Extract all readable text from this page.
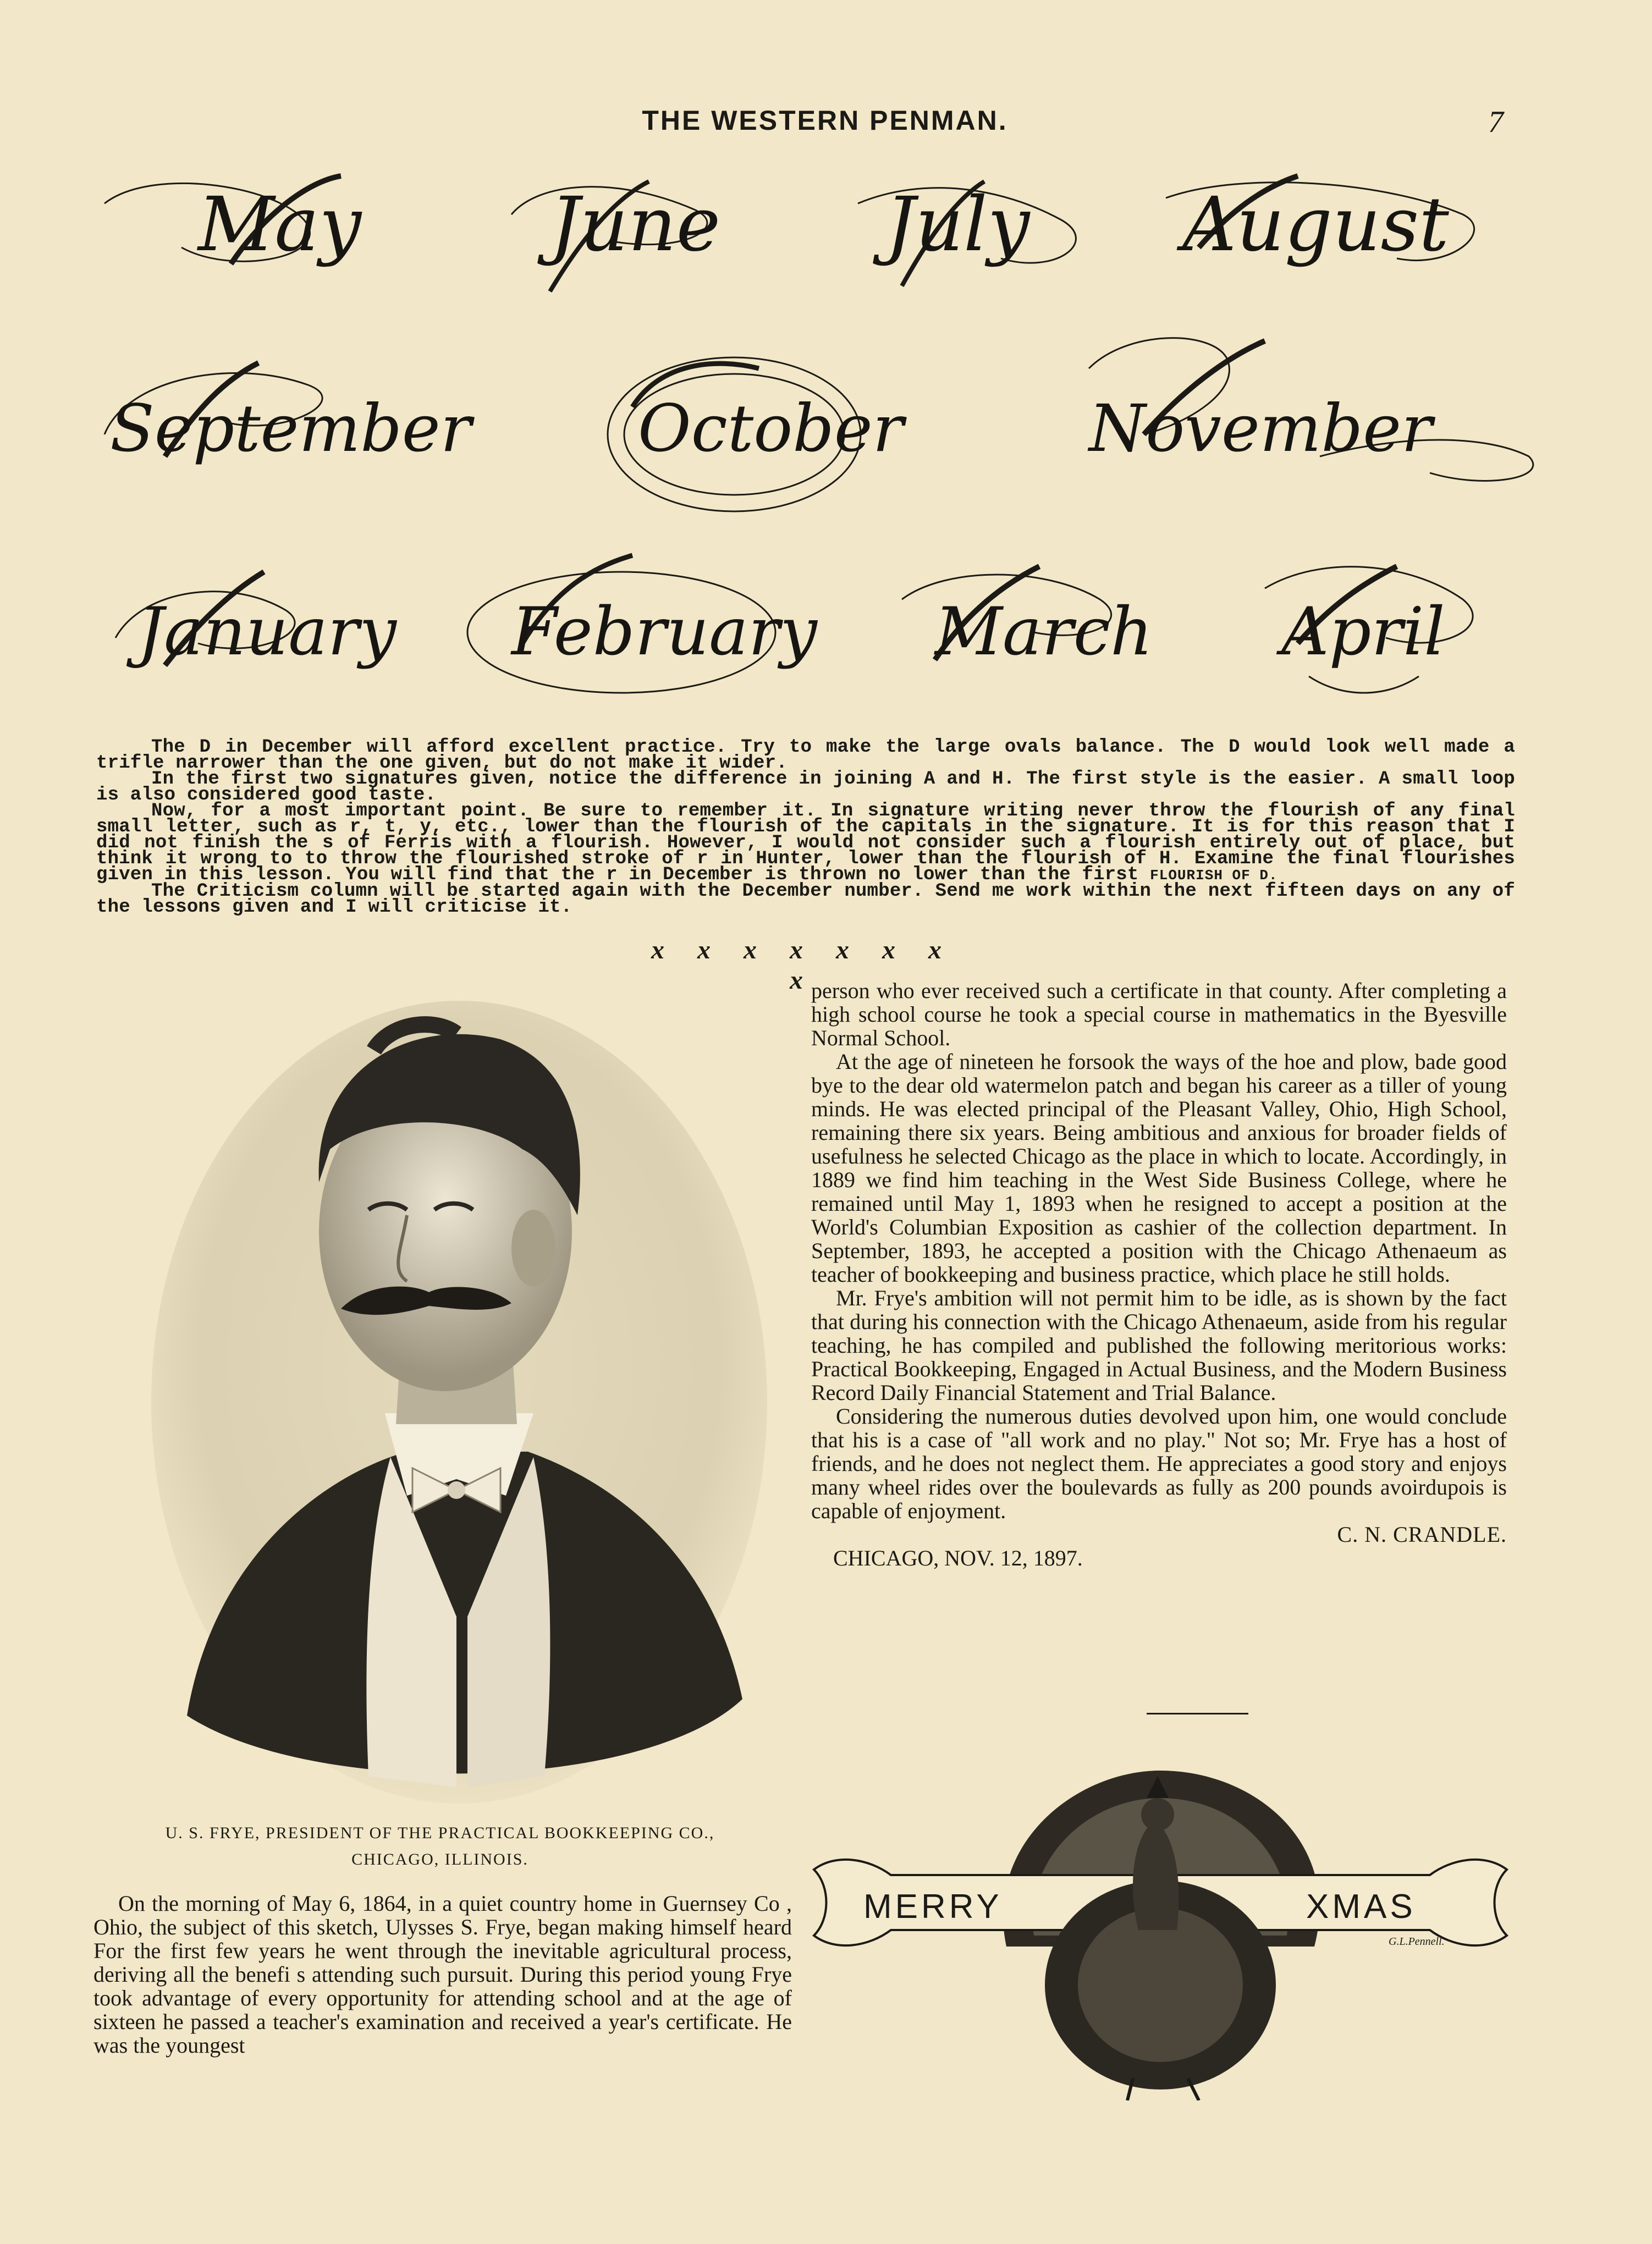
THE WESTERN PENMAN.	7
May	June July August
September	October	November
January February March April

The D in December will afford excellent practice. Try to make the large ovals balance. The D would look well made a trifle narrower than the one given, but do not make it wider.

In the first two signatures given, notice the difference in joining A and H. The first style is the easier. A small loop is also considered good taste.

Now, for a most important point. Be sure to remember it. In signature writing never throw the flourish of any final small letter, such as r, t, y, etc., lower than the flourish of the capitals in the signature. It is for this reason that I did not finish the s of Ferris with a flourish. However, I would not consider such a flourish entirely out of place, but think it wrong to to throw the flourished stroke of r in Hunter, lower than the flourish of H. Examine the final flourishes given in this lesson. You will find that the r in December is thrown no lower than the first FLOURISH OF D.

The Criticism column will be started again with the December number. Send me work within the next fifteen days on any of the lessons given and I will criticise it.

x x x x x x x x
U. S. FRYE, PRESIDENT OF THE PRACTICAL BOOKKEEPING CO.,
CHICAGO, ILLINOIS.

person who ever received such a certificate in that county. After completing a high school course he took a special course in mathematics in the Byesville Normal School.

At the age of nineteen he forsook the ways of the hoe and plow, bade good bye to the dear old watermelon patch and began his career as a tiller of young minds. He was elected principal of the Pleasant Valley, Ohio, High School, remaining there six years. Being ambitious and anxious for broader fields of usefulness he selected Chicago as the place in which to locate. Accordingly, in 1889 we find him teaching in the West Side Business College, where he remained until May 1, 1893 when he resigned to accept a position at the World's Columbian Exposition as cashier of the collection department. In September, 1893, he accepted a position with the Chicago Athenaeum as teacher of bookkeeping and business practice, which place he still holds.

Mr. Frye's ambition will not permit him to be idle, as is shown by the fact that during his connection with the Chicago Athenaeum, aside from his regular teaching, he has compiled and published the following meritorious works: Practical Bookkeeping, Engaged in Actual Business, and the Modern Business Record Daily Financial Statement and Trial Balance.

Considering the numerous duties devolved upon him, one would conclude that his is a case of "all work and no play." Not so; Mr. Frye has a host of friends, and he does not neglect them. He appreciates a good story and enjoys many wheel rides over the boulevards as fully as 200 pounds avoirdupois is capable of enjoyment.

C. N. CRANDLE.

CHICAGO, NOV. 12, 1897.

MERRY	XMAS
G.L.Pennell.

On the morning of May 6, 1864, in a quiet country home in Guernsey Co , Ohio, the subject of this sketch, Ulysses S. Frye, began making himself heard For the first few years he went through the inevitable agricultural process, deriving all the benefi s attending such pursuit. During this period young Frye took advantage of every opportunity for attending school and at the age of sixteen he passed a teacher's examination and received a year's certificate. He was the youngest
